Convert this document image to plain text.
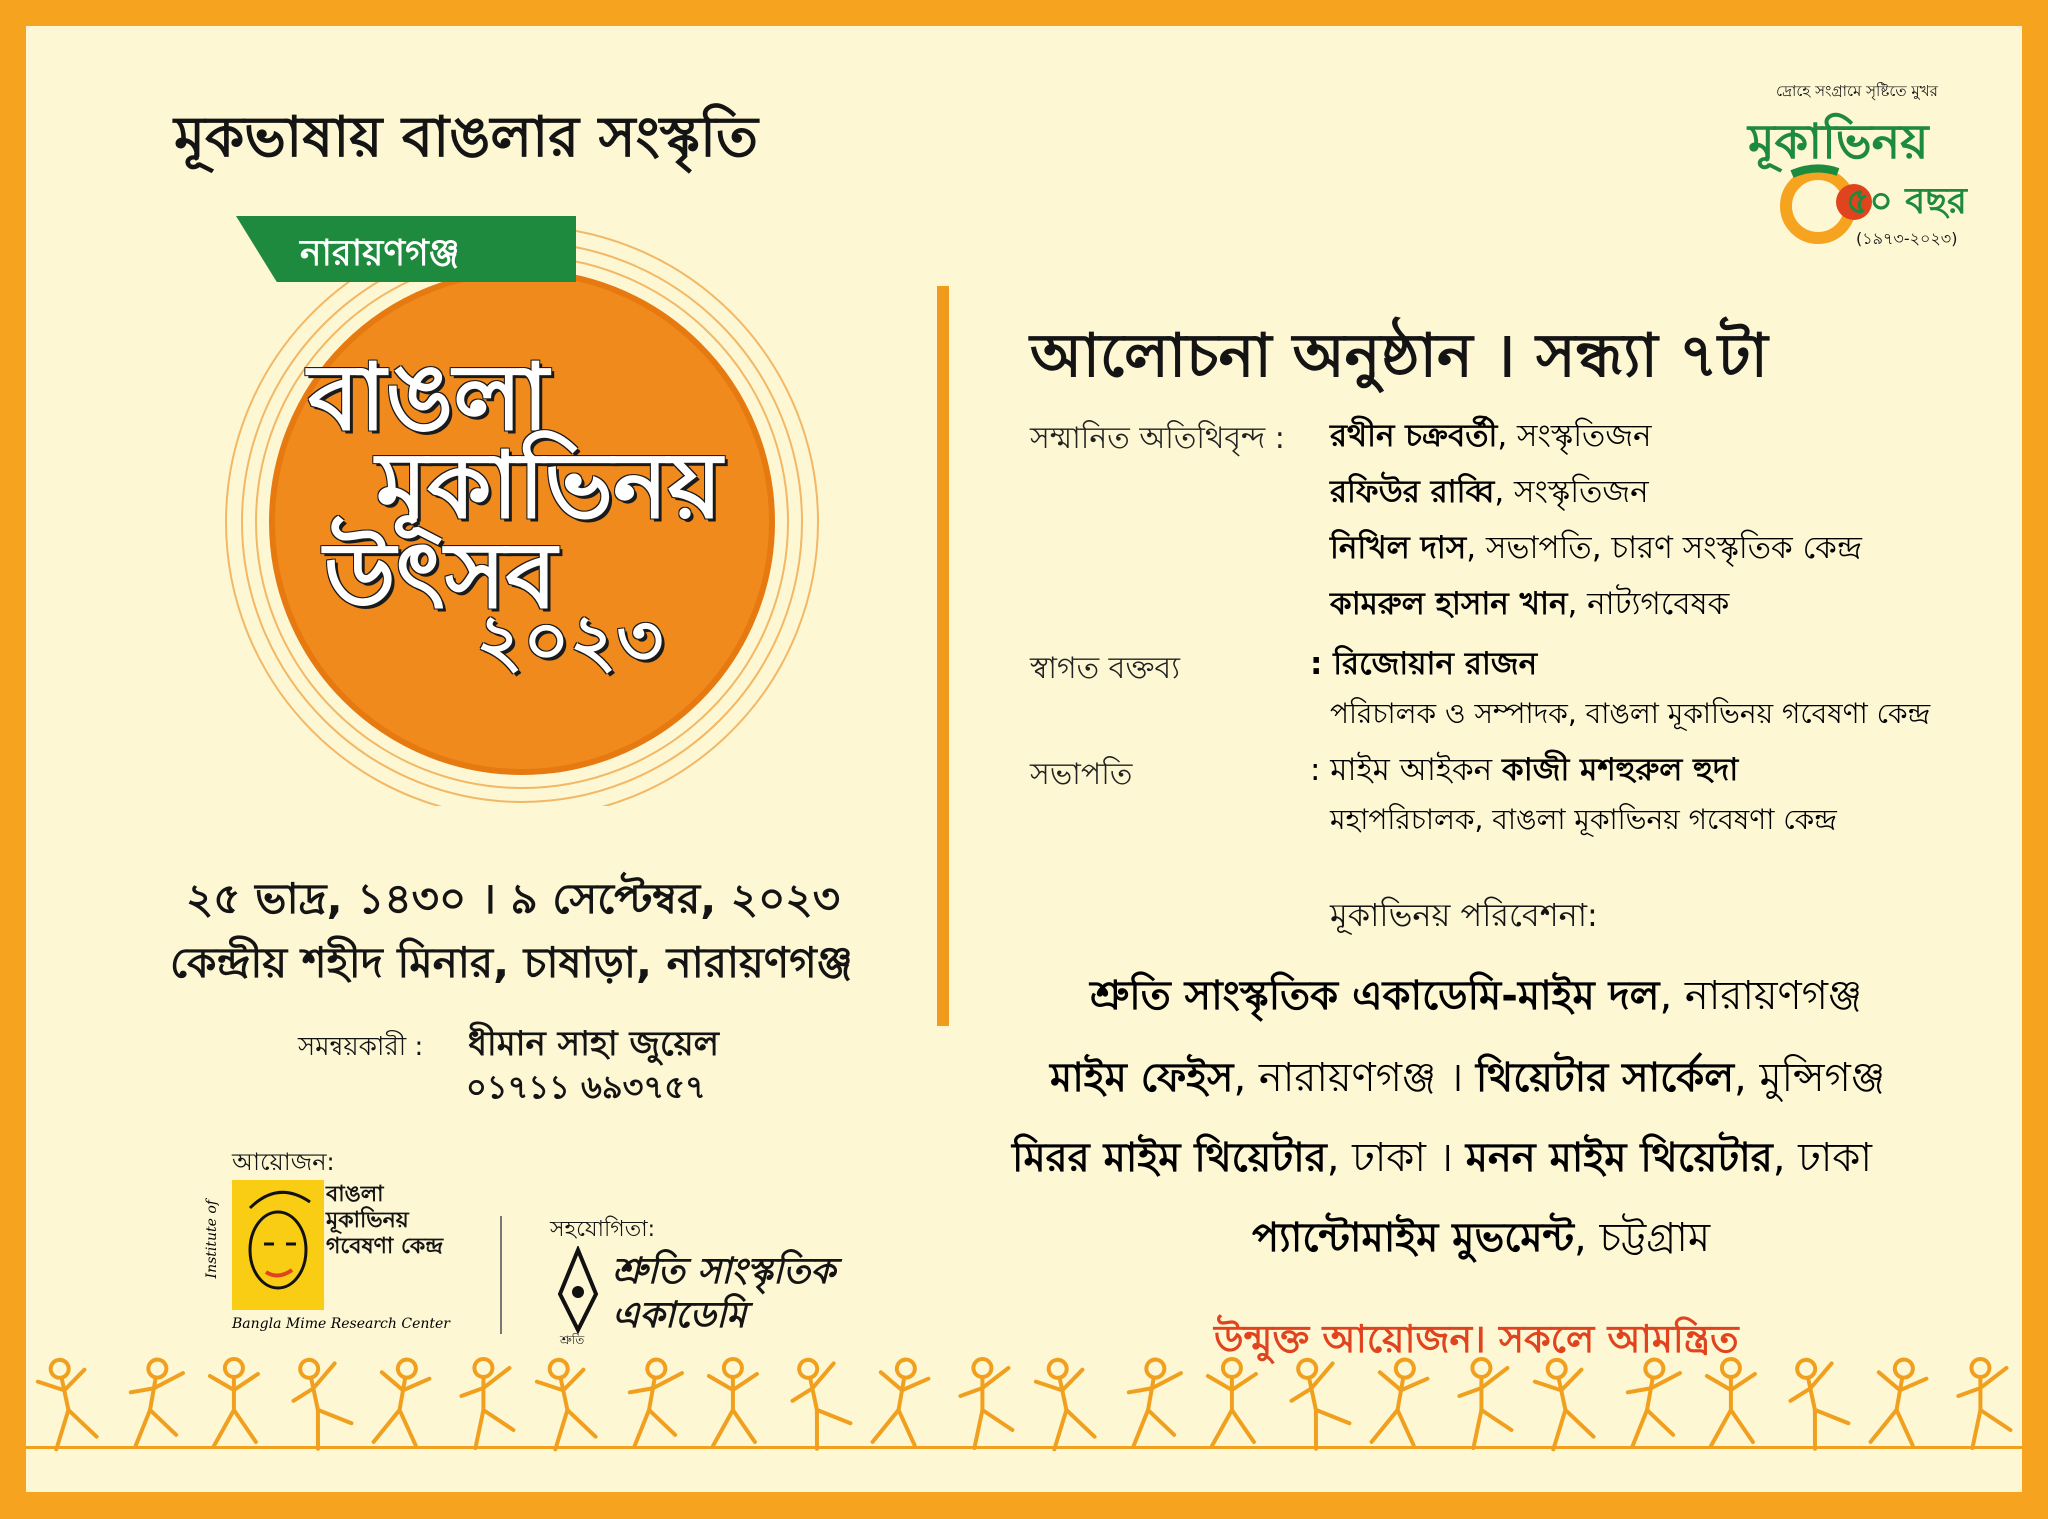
মূকভাষায় বাঙলার সংস্কৃতি
দ্রোহে সংগ্রামে সৃষ্টিতে মুখর
মূকাভিনয়
৫০ বছর
(১৯৭৩-২০২৩)
নারায়ণগঞ্জ
বাঙলা
মূকাভিনয়
উৎসব
২০২৩
২৫ ভাদ্র, ১৪৩০ । ৯ সেপ্টেম্বর, ২০২৩
কেন্দ্রীয় শহীদ মিনার, চাষাড়া, নারায়ণগঞ্জ
সমন্বয়কারী : ধীমান সাহা জুয়েল
০১৭১১ ৬৯৩৭৫৭
আয়োজন:
Institute of
বাঙলা মূকাভিনয় গবেষণা কেন্দ্র
Bangla Mime Research Center
সহযোগিতা:
শ্রুতি সাংস্কৃতিক একাডেমি
শ্রুতি
আলোচনা অনুষ্ঠান । সন্ধ্যা ৭টা
সম্মানিত অতিথিবৃন্দ : রথীন চক্রবর্তী, সংস্কৃতিজন
রফিউর রাব্বি, সংস্কৃতিজন
নিখিল দাস, সভাপতি, চারণ সংস্কৃতিক কেন্দ্র
কামরুল হাসান খান, নাট্যগবেষক
স্বাগত বক্তব্য	: রিজোয়ান রাজন
পরিচালক ও সম্পাদক, বাঙলা মূকাভিনয় গবেষণা কেন্দ্র
সভাপতি	: মাইম আইকন কাজী মশহুরুল হুদা
মহাপরিচালক, বাঙলা মূকাভিনয় গবেষণা কেন্দ্র
মূকাভিনয় পরিবেশনা:
শ্রুতি সাংস্কৃতিক একাডেমি-মাইম দল, নারায়ণগঞ্জ
মাইম ফেইস, নারায়ণগঞ্জ । থিয়েটার সার্কেল, মুন্সিগঞ্জ
মিরর মাইম থিয়েটার, ঢাকা । মনন মাইম থিয়েটার, ঢাকা
প্যান্টোমাইম মুভমেন্ট, চট্টগ্রাম
উন্মুক্ত আয়োজন। সকলে আমন্ত্রিত
